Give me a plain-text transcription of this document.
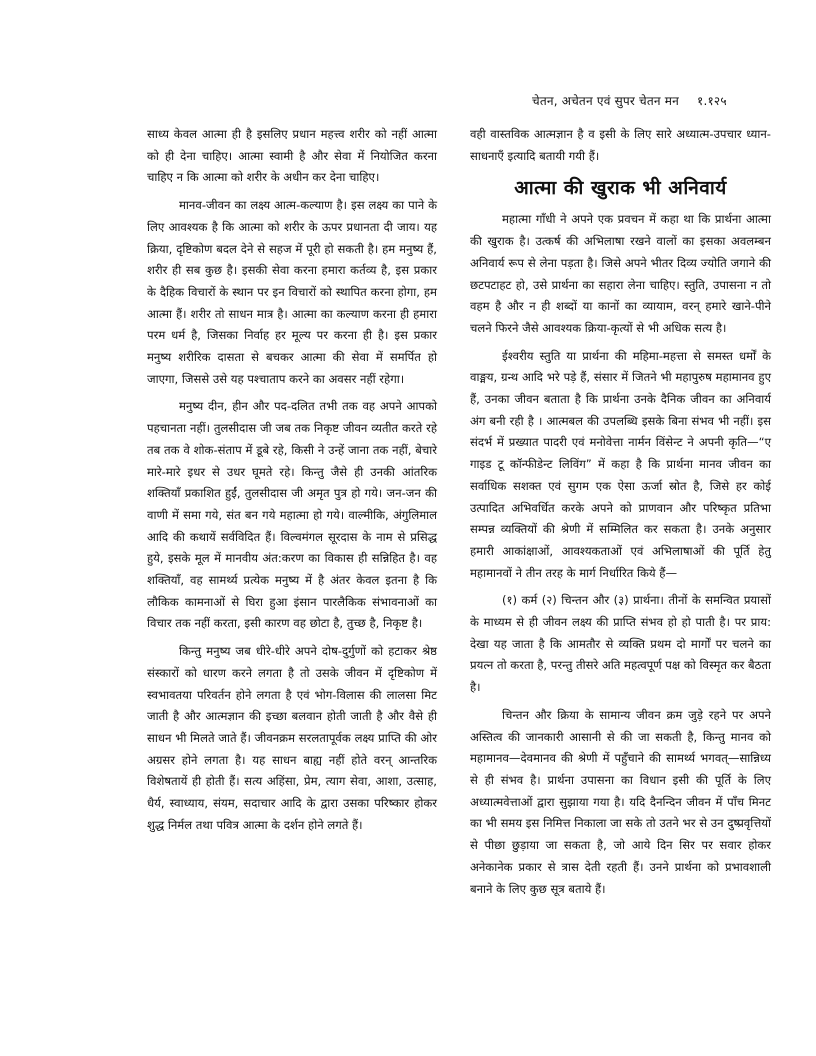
चेतन, अचेतन एवं सुपर चेतन मन १.१२५

साध्य केवल आत्मा ही है इसलिए प्रधान महत्त्व शरीर को नहीं आत्मा को ही देना चाहिए। आत्मा स्वामी है और सेवा में नियोजित करना चाहिए न कि आत्मा को शरीर के अधीन कर देना चाहिए।

मानव-जीवन का लक्ष्य आत्म-कल्याण है। इस लक्ष्य का पाने के लिए आवश्यक है कि आत्मा को शरीर के ऊपर प्रधानता दी जाय। यह क्रिया, दृष्टिकोण बदल देने से सहज में पूरी हो सकती है। हम मनुष्य हैं, शरीर ही सब कुछ है। इसकी सेवा करना हमारा कर्तव्य है, इस प्रकार के दैहिक विचारों के स्थान पर इन विचारों को स्थापित करना होगा, हम आत्मा हैं। शरीर तो साधन मात्र है। आत्मा का कल्याण करना ही हमारा परम धर्म है, जिसका निर्वाह हर मूल्य पर करना ही है। इस प्रकार मनुष्य शरीरिक दासता से बचकर आत्मा की सेवा में समर्पित हो जाएगा, जिससे उसे यह पश्चाताप करने का अवसर नहीं रहेगा।

मनुष्य दीन, हीन और पद-दलित तभी तक वह अपने आपको पहचानता नहीं। तुलसीदास जी जब तक निकृष्ट जीवन व्यतीत करते रहे तब तक वे शोक-संताप में डूबे रहे, किसी ने उन्हें जाना तक नहीं, बेचारे मारे-मारे इधर से उधर घूमते रहे। किन्तु जैसे ही उनकी आंतरिक शक्तियाँ प्रकाशित हुईं, तुलसीदास जी अमृत पुत्र हो गये। जन-जन की वाणी में समा गये, संत बन गये महात्मा हो गये। वाल्मीकि, अंगुलिमाल आदि की कथायें सर्वविदित हैं। विल्वमंगल सूरदास के नाम से प्रसिद्ध हुये, इसके मूल में मानवीय अंत:करण का विकास ही सन्निहित है। वह शक्तियाँ, वह सामर्थ्य प्रत्येक मनुष्य में है अंतर केवल इतना है कि लौकिक कामनाओं से घिरा हुआ इंसान पारलैकिक संभावनाओं का विचार तक नहीं करता, इसी कारण वह छोटा है, तुच्छ है, निकृष्ट है।

किन्तु मनुष्य जब धीरे-धीरे अपने दोष-दुर्गुणों को हटाकर श्रेष्ठ संस्कारों को धारण करने लगता है तो उसके जीवन में दृष्टिकोण में स्वभावतया परिवर्तन होने लगता है एवं भोग-विलास की लालसा मिट जाती है और आत्मज्ञान की इच्छा बलवान होती जाती है और वैसे ही साधन भी मिलते जाते हैं। जीवनक्रम सरलतापूर्वक लक्ष्य प्राप्ति की ओर अग्रसर होने लगता है। यह साधन बाह्य नहीं होते वरन् आन्तरिक विशेषतायें ही होती हैं। सत्य अहिंसा, प्रेम, त्याग सेवा, आशा, उत्साह, धैर्य, स्वाध्याय, संयम, सदाचार आदि के द्वारा उसका परिष्कार होकर शुद्ध निर्मल तथा पवित्र आत्मा के दर्शन होने लगते हैं।

वही वास्तविक आत्मज्ञान है व इसी के लिए सारे अध्यात्म-उपचार ध्यान-साधनाएँ इत्यादि बतायी गयी हैं।

आत्मा की खुराक भी अनिवार्य

महात्मा गाँधी ने अपने एक प्रवचन में कहा था कि प्रार्थना आत्मा की खुराक है। उत्कर्ष की अभिलाषा रखने वालों का इसका अवलम्बन अनिवार्य रूप से लेना पड़ता है। जिसे अपने भीतर दिव्य ज्योति जगाने की छटपटाहट हो, उसे प्रार्थना का सहारा लेना चाहिए। स्तुति, उपासना न तो वहम है और न ही शब्दों या कानों का व्यायाम, वरन् हमारे खाने-पीने चलने फिरने जैसे आवश्यक क्रिया-कृत्यों से भी अधिक सत्य है।

ईश्वरीय स्तुति या प्रार्थना की महिमा-महत्ता से समस्त धर्मों के वाङ्मय, ग्रन्थ आदि भरे पड़े हैं, संसार में जितने भी महापुरुष महामानव हुए हैं, उनका जीवन बताता है कि प्रार्थना उनके दैनिक जीवन का अनिवार्य अंग बनी रही है । आत्मबल की उपलब्धि इसके बिना संभव भी नहीं। इस संदर्भ में प्रख्यात पादरी एवं मनोवेत्ता नार्मन विंसेन्ट ने अपनी कृति—“ए गाइड टू कॉन्फीडेन्ट लिविंग” में कहा है कि प्रार्थना मानव जीवन का सर्वाधिक सशक्त एवं सुगम एक ऐसा ऊर्जा स्रोत है, जिसे हर कोई उत्पादित अभिवर्धित करके अपने को प्राणवान और परिष्कृत प्रतिभा सम्पन्न व्यक्तियों की श्रेणी में सम्मिलित कर सकता है। उनके अनुसार हमारी आकांक्षाओं, आवश्यकताओं एवं अभिलाषाओं की पूर्ति हेतु महामानवों ने तीन तरह के मार्ग निर्धारित किये हैं—

(१) कर्म (२) चिन्तन और (३) प्रार्थना। तीनों के समन्वित प्रयासों के माध्यम से ही जीवन लक्ष्य की प्राप्ति संभव हो हो पाती है। पर प्राय: देखा यह जाता है कि आमतौर से व्यक्ति प्रथम दो मार्गों पर चलने का प्रयत्न तो करता है, परन्तु तीसरे अति महत्वपूर्ण पक्ष को विस्मृत कर बैठता है।

चिन्तन और क्रिया के सामान्य जीवन क्रम जुड़े रहने पर अपने अस्तित्व की जानकारी आसानी से की जा सकती है, किन्तु मानव को महामानव—देवमानव की श्रेणी में पहुँचाने की सामर्थ्य भगवत्—सान्निध्य से ही संभव है। प्रार्थना उपासना का विधान इसी की पूर्ति के लिए अध्यात्मवेत्ताओं द्वारा सुझाया गया है। यदि दैनन्दिन जीवन में पाँच मिनट का भी समय इस निमित्त निकाला जा सके तो उतने भर से उन दुष्प्रवृत्तियों से पीछा छुड़ाया जा सकता है, जो आये दिन सिर पर सवार होकर अनेकानेक प्रकार से त्रास देती रहती हैं। उनने प्रार्थना को प्रभावशाली बनाने के लिए कुछ सूत्र बताये हैं।
